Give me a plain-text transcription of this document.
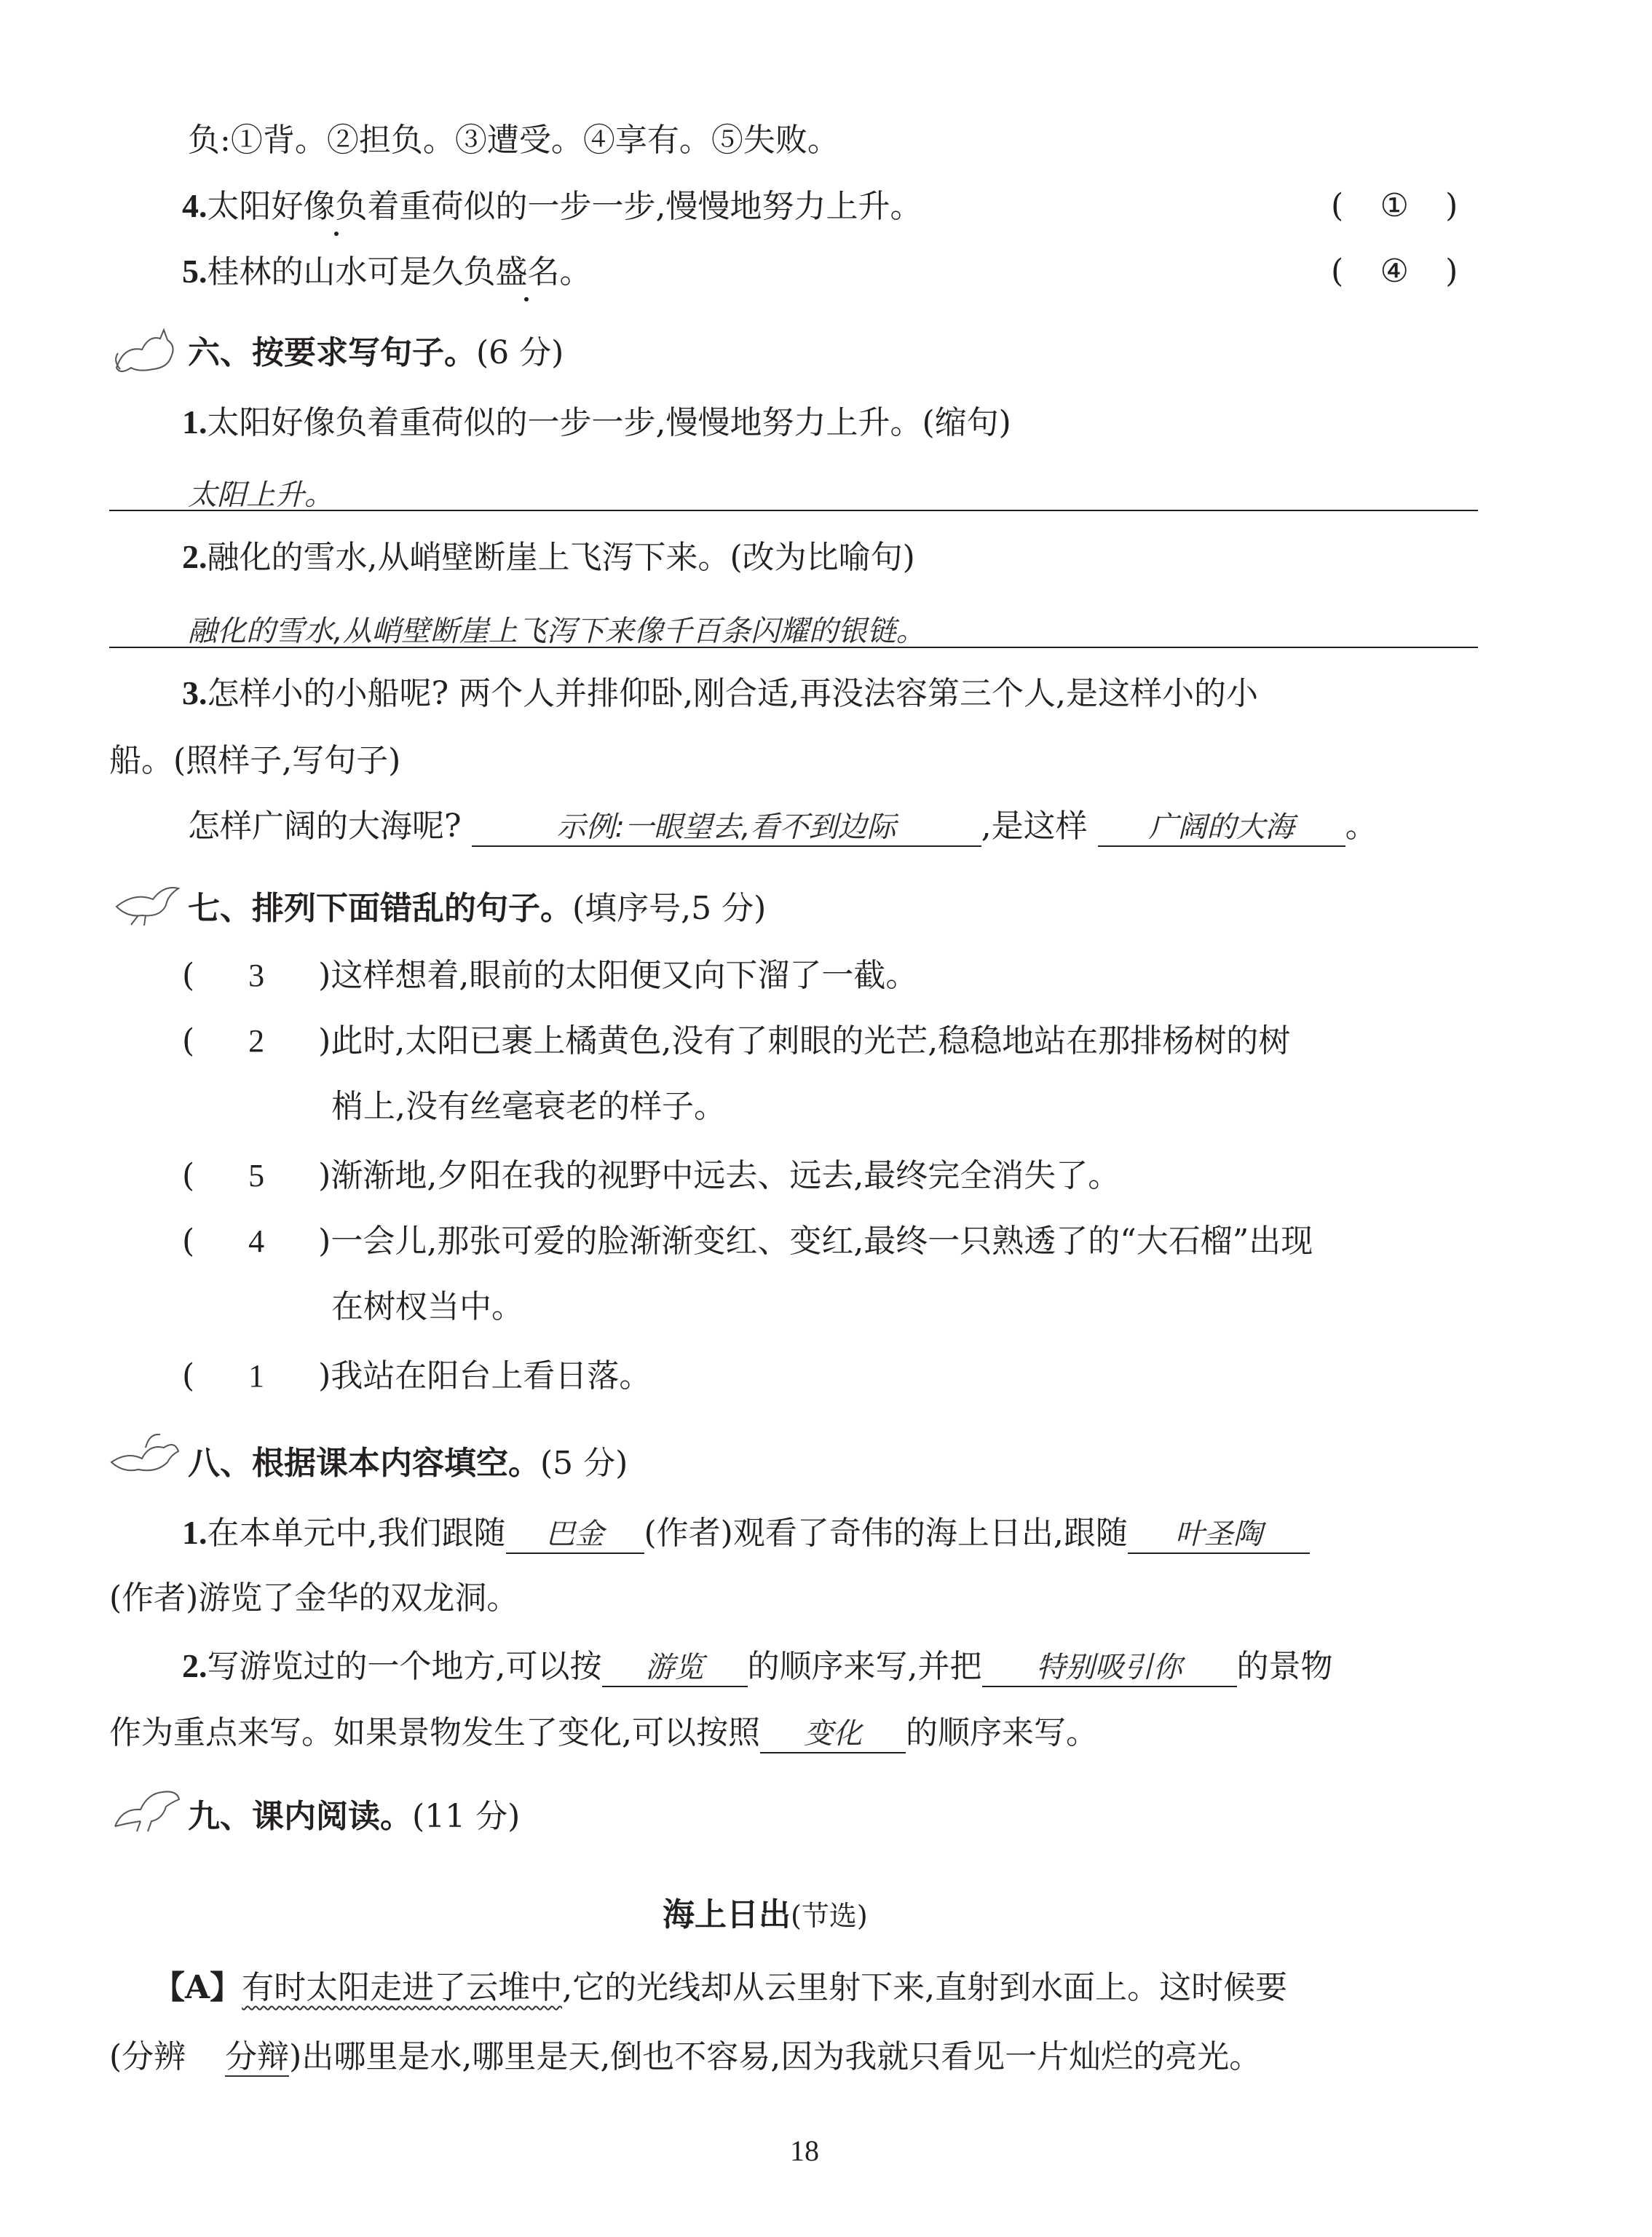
负:①背。②担负。③遭受。④享有。⑤失败。
4.太阳好像负着重荷似的一步一步,慢慢地努力上升。	( ① )
5.桂林的山水可是久负盛名。	( ④ )
六、按要求写句子。(6 分)
1.太阳好像负着重荷似的一步一步,慢慢地努力上升。(缩句)
太阳上升。
2.融化的雪水,从峭壁断崖上飞泻下来。(改为比喻句)
融化的雪水,从峭壁断崖上飞泻下来像千百条闪耀的银链。
3.怎样小的小船呢? 两个人并排仰卧,刚合适,再没法容第三个人,是这样小的小
船。(照样子,写句子)
怎样广阔的大海呢?	示例:一眼望去,看不到边际	,是这样 广阔的大海 。
七、排列下面错乱的句子。(填序号,5 分)
( 3 )这样想着,眼前的太阳便又向下溜了一截。
( 2 )此时,太阳已裹上橘黄色,没有了刺眼的光芒,稳稳地站在那排杨树的树
梢上,没有丝毫衰老的样子。
( 5 )渐渐地,夕阳在我的视野中远去、远去,最终完全消失了。
( 4 )一会儿,那张可爱的脸渐渐变红、变红,最终一只熟透了的“大石榴”出现
在树杈当中。
( 1 )我站在阳台上看日落。
八、根据课本内容填空。(5 分)
1.在本单元中,我们跟随 巴金 (作者)观看了奇伟的海上日出,跟随 叶圣陶
(作者)游览了金华的双龙洞。
2.写游览过的一个地方,可以按 游览 的顺序来写,并把 特别吸引你 的景物
作为重点来写。如果景物发生了变化,可以按照 变化 的顺序来写。
九、课内阅读。(11 分)
海上日出(节选)
【A】有时太阳走进了云堆中,它的光线却从云里射下来,直射到水面上。这时候要
(分辨 分辩)出哪里是水,哪里是天,倒也不容易,因为我就只看见一片灿烂的亮光。
18
